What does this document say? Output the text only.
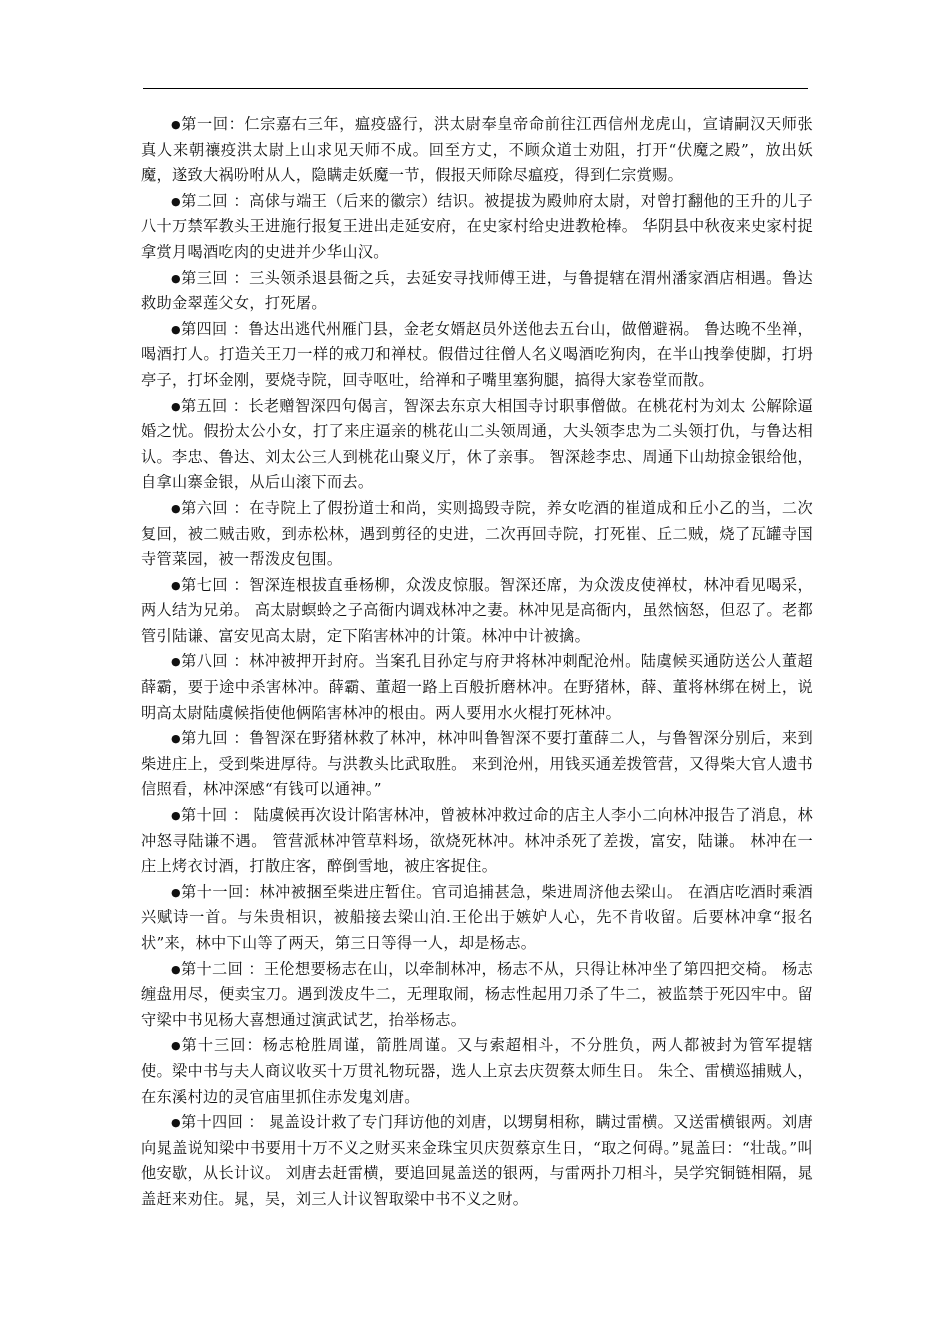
●第一回：仁宗嘉右三年，瘟疫盛行，洪太尉奉皇帝命前往江西信州龙虎山，宣请嗣汉天师张真人来朝禳疫洪太尉上山求见天师不成。回至方丈，不顾众道士劝阻，打开“伏魔之殿”，放出妖魔，遂致大祸吩咐从人，隐瞒走妖魔一节，假报天师除尽瘟疫，得到仁宗赏赐。

●第二回 ：高俅与端王（后来的徽宗）结识。被提拔为殿帅府太尉，对曾打翻他的王升的儿子八十万禁军教头王进施行报复王进出走延安府，在史家村给史进教枪棒。 华阴县中秋夜来史家村捉拿赏月喝酒吃肉的史进并少华山汉。

●第三回 ：三头领杀退县衙之兵，去延安寻找师傅王进，与鲁提辖在渭州潘家酒店相遇。鲁达救助金翠莲父女，打死屠。

●第四回 ：鲁达出逃代州雁门县，金老女婿赵员外送他去五台山，做僧避祸。 鲁达晚不坐禅，喝酒打人。打造关王刀一样的戒刀和禅杖。假借过往僧人名义喝酒吃狗肉，在半山拽拳使脚，打坍亭子，打坏金刚，要烧寺院，回寺呕吐，给禅和子嘴里塞狗腿，搞得大家卷堂而散。

●第五回 ：长老赠智深四句偈言，智深去东京大相国寺讨职事僧做。在桃花村为刘太 公解除逼婚之忧。假扮太公小女，打了来庄逼亲的桃花山二头领周通，大头领李忠为二头领打仇，与鲁达相认。李忠、鲁达、刘太公三人到桃花山聚义厅，休了亲事。 智深趁李忠、周通下山劫掠金银给他，自拿山寨金银，从后山滚下而去。

●第六回 ：在寺院上了假扮道士和尚，实则捣毁寺院，养女吃酒的崔道成和丘小乙的当，二次复回，被二贼击败，到赤松林，遇到剪径的史进，二次再回寺院，打死崔、丘二贼，烧了瓦罐寺国寺管菜园，被一帮泼皮包围。

●第七回 ：智深连根拔直垂杨柳，众泼皮惊服。智深还席，为众泼皮使禅杖，林冲看见喝采，两人结为兄弟。 高太尉螟蛉之子高衙内调戏林冲之妻。林冲见是高衙内，虽然恼怒，但忍了。老都管引陆谦、富安见高太尉，定下陷害林冲的计策。林冲中计被擒。

●第八回 ：林冲被押开封府。当案孔目孙定与府尹将林冲刺配沧州。陆虞候买通防送公人董超薛霸，要于途中杀害林冲。薛霸、董超一路上百般折磨林冲。在野猪林，薛、董将林绑在树上，说明高太尉陆虞候指使他俩陷害林冲的根由。两人要用水火棍打死林冲。

●第九回 ：鲁智深在野猪林救了林冲，林冲叫鲁智深不要打董薛二人，与鲁智深分别后，来到柴进庄上，受到柴进厚待。与洪教头比武取胜。 来到沧州，用钱买通差拨管营，又得柴大官人遗书信照看，林冲深感“有钱可以通神。”

●第十回 ： 陆虞候再次设计陷害林冲，曾被林冲救过命的店主人李小二向林冲报告了消息，林冲怒寻陆谦不遇。 管营派林冲管草料场，欲烧死林冲。林冲杀死了差拨，富安，陆谦。 林冲在一庄上烤衣讨酒，打散庄客，醉倒雪地，被庄客捉住。

●第十一回：林冲被捆至柴进庄暂住。官司追捕甚急，柴进周济他去梁山。 在酒店吃酒时乘酒兴赋诗一首。与朱贵相识，被船接去梁山泊.王伦出于嫉妒人心，先不肯收留。后要林冲拿“报名状”来，林中下山等了两天，第三日等得一人，却是杨志。

●第十二回 ：王伦想要杨志在山，以牵制林冲，杨志不从，只得让林冲坐了第四把交椅。 杨志缠盘用尽，便卖宝刀。遇到泼皮牛二，无理取闹，杨志性起用刀杀了牛二，被监禁于死囚牢中。留守梁中书见杨大喜想通过演武试艺，抬举杨志。

●第十三回：杨志枪胜周谨，箭胜周谨。又与索超相斗，不分胜负，两人都被封为管军提辖使。梁中书与夫人商议收买十万贯礼物玩器，选人上京去庆贺蔡太师生日。 朱仝、雷横巡捕贼人，在东溪村边的灵官庙里抓住赤发鬼刘唐。

●第十四回 ： 晁盖设计救了专门拜访他的刘唐，以甥舅相称，瞒过雷横。又送雷横银两。刘唐向晁盖说知梁中书要用十万不义之财买来金珠宝贝庆贺蔡京生日，“取之何碍。”晁盖曰：“壮哉。”叫他安歇，从长计议。 刘唐去赶雷横，要追回晁盖送的银两，与雷两扑刀相斗，吴学究铜链相隔，晁盖赶来劝住。晁，吴，刘三人计议智取梁中书不义之财。
